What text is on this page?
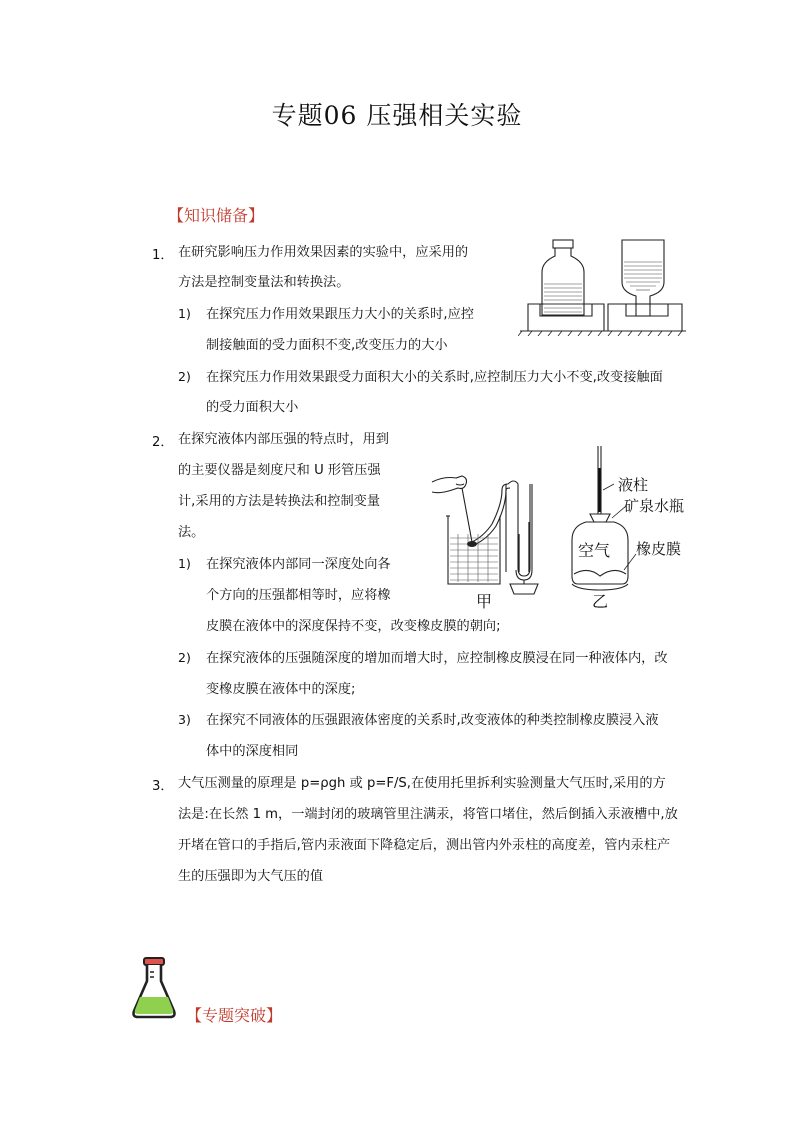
专题06 压强相关实验
【知识储备】
1． 在研究影响压力作用效果因素的实验中，应采用的
方法是控制变量法和转换法。
1) 在探究压力作用效果跟压力大小的关系时,应控
制接触面的受力面积不变,改变压力的大小
2) 在探究压力作用效果跟受力面积大小的关系时,应控制压力大小不变,改变接触面
的受力面积大小
2． 在探究液体内部压强的特点时，用到
的主要仪器是刻度尺和 U 形管压强
计,采用的方法是转换法和控制变量
法。
1) 在探究液体内部同一深度处向各
个方向的压强都相等时，应将橡
皮膜在液体中的深度保持不变，改变橡皮膜的朝向;
2) 在探究液体的压强随深度的增加而增大时，应控制橡皮膜浸在同一种液体内，改
变橡皮膜在液体中的深度;
3) 在探究不同液体的压强跟液体密度的关系时,改变液体的种类控制橡皮膜浸入液
体中的深度相同
液柱
矿泉水瓶
空气 橡皮膜
甲	乙
3． 大气压测量的原理是 p=ρgh 或 p=F/S,在使用托里拆利实验测量大气压时,采用的方
法是:在长然 1 m，一端封闭的玻璃管里注满汞，将管口堵住，然后倒插入汞液槽中,放
开堵在管口的手指后,管内汞液面下降稳定后，测出管内外汞柱的高度差，管内汞柱产
生的压强即为大气压的值
【专题突破】
